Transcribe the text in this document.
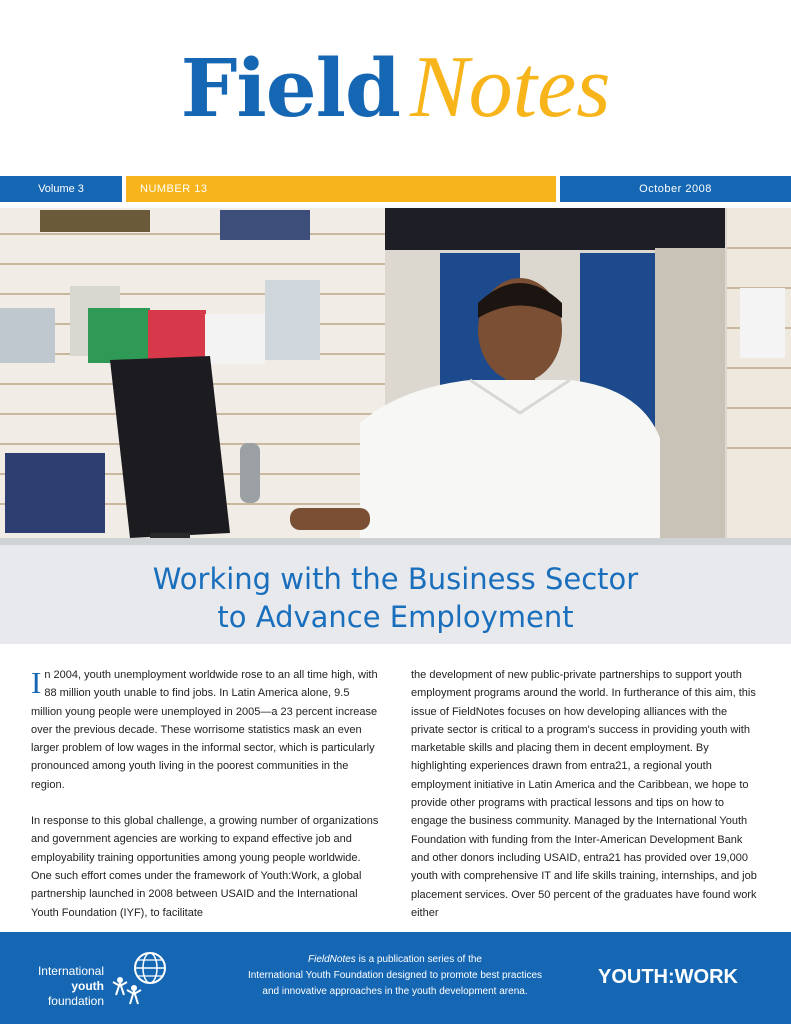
Field Notes
Volume 3	NUMBER 13	October 2008
Working with the Business Sector
to Advance Employment

In 2004, youth unemployment worldwide rose to an all time high, with 88 million youth unable to find jobs. In Latin America alone, 9.5 million young people were unemployed in 2005—a 23 percent increase over the previous decade. These worrisome statistics mask an even larger problem of low wages in the informal sector, which is particularly pronounced among youth living in the poorest communities in the region.

In response to this global challenge, a growing number of organizations and government agencies are working to expand effective job and employability training opportunities among young people worldwide. One such effort comes under the framework of Youth:Work, a global partnership launched in 2008 between USAID and the International Youth Foundation (IYF), to facilitate

the development of new public-private partnerships to support youth employment programs around the world. In furtherance of this aim, this issue of FieldNotes focuses on how developing alliances with the private sector is critical to a program's success in providing youth with marketable skills and placing them in decent employment. By highlighting experiences drawn from entra21, a regional youth employment initiative in Latin America and the Caribbean, we hope to provide other programs with practical lessons and tips on how to engage the business community. Managed by the International Youth Foundation with funding from the Inter-American Development Bank and other donors including USAID, entra21 has provided over 19,000 youth with comprehensive IT and life skills training, internships, and job placement services. Over 50 percent of the graduates have found work either

International
youth
foundation
FieldNotes is a publication series of the
International Youth Foundation designed to promote best practices
and innovative approaches in the youth development arena.
YOUTH:WORK
